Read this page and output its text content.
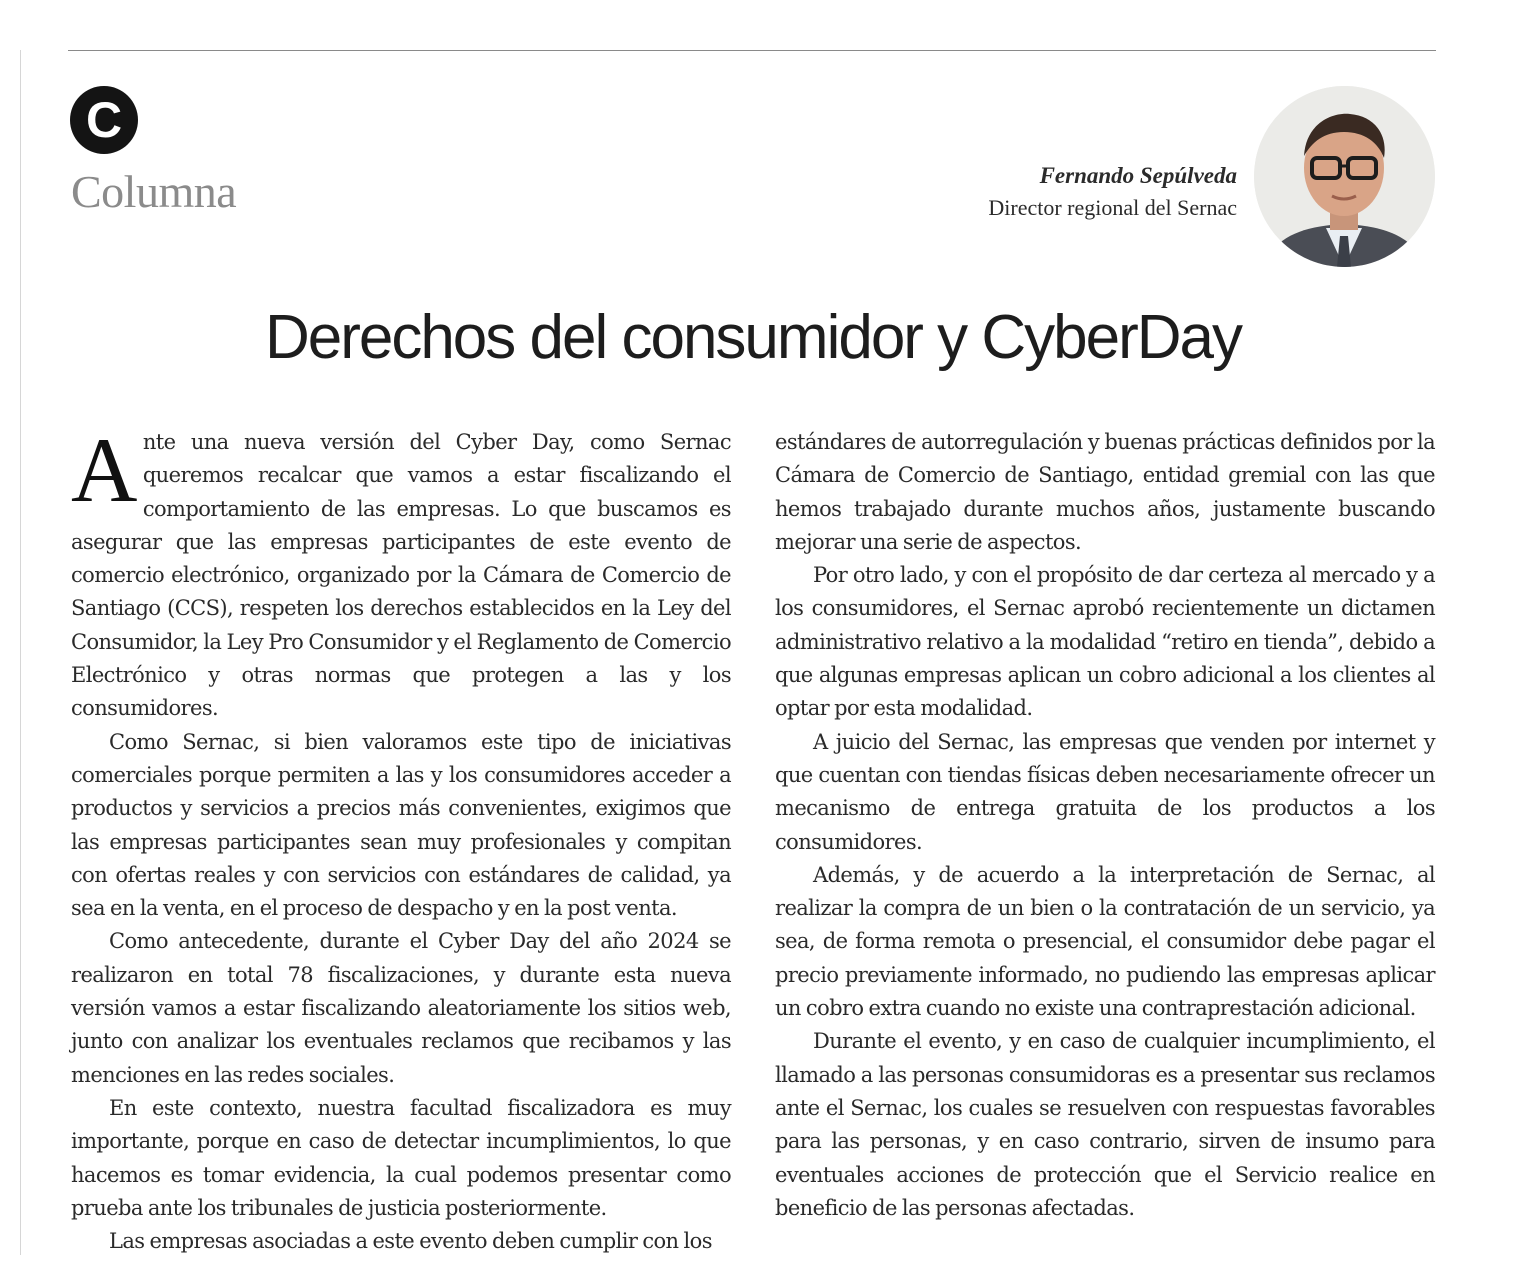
C
Columna	Fernando Sepúlveda
Director regional del Sernac
Derechos del consumidor y CyberDay

Ante una nueva versión del Cyber Day, como Sernac queremos recalcar que vamos a estar fiscalizando el comportamiento de las empresas. Lo que buscamos es asegurar que las empresas participantes de este evento de comercio electrónico, organizado por la Cámara de Comercio de Santiago (CCS), respeten los derechos establecidos en la Ley del Consumidor, la Ley Pro Consumidor y el Reglamento de Comercio Electrónico y otras normas que protegen a las y los consumidores.

Como Sernac, si bien valoramos este tipo de iniciativas comerciales porque permiten a las y los consumidores acceder a productos y servicios a precios más convenientes, exigimos que las empresas participantes sean muy profesionales y compitan con ofertas reales y con servicios con estándares de calidad, ya sea en la venta, en el proceso de despacho y en la post venta.

Como antecedente, durante el Cyber Day del año 2024 se realizaron en total 78 fiscalizaciones, y durante esta nueva versión vamos a estar fiscalizando aleatoriamente los sitios web, junto con analizar los eventuales reclamos que recibamos y las menciones en las redes sociales.

En este contexto, nuestra facultad fiscalizadora es muy importante, porque en caso de detectar incumplimientos, lo que hacemos es tomar evidencia, la cual podemos presentar como prueba ante los tribunales de justicia posteriormente.

Las empresas asociadas a este evento deben cumplir con los

estándares de autorregulación y buenas prácticas definidos por la Cámara de Comercio de Santiago, entidad gremial con las que hemos trabajado durante muchos años, justamente buscando mejorar una serie de aspectos.

Por otro lado, y con el propósito de dar certeza al mercado y a los consumidores, el Sernac aprobó recientemente un dictamen administrativo relativo a la modalidad “retiro en tienda”, debido a que algunas empresas aplican un cobro adicional a los clientes al optar por esta modalidad.

A juicio del Sernac, las empresas que venden por internet y que cuentan con tiendas físicas deben necesariamente ofrecer un mecanismo de entrega gratuita de los productos a los consumidores.

Además, y de acuerdo a la interpretación de Sernac, al realizar la compra de un bien o la contratación de un servicio, ya sea, de forma remota o presencial, el consumidor debe pagar el precio previamente informado, no pudiendo las empresas aplicar un cobro extra cuando no existe una contraprestación adicional.

Durante el evento, y en caso de cualquier incumplimiento, el llamado a las personas consumidoras es a presentar sus reclamos ante el Sernac, los cuales se resuelven con respuestas favorables para las personas, y en caso contrario, sirven de insumo para eventuales acciones de protección que el Servicio realice en beneficio de las personas afectadas.
